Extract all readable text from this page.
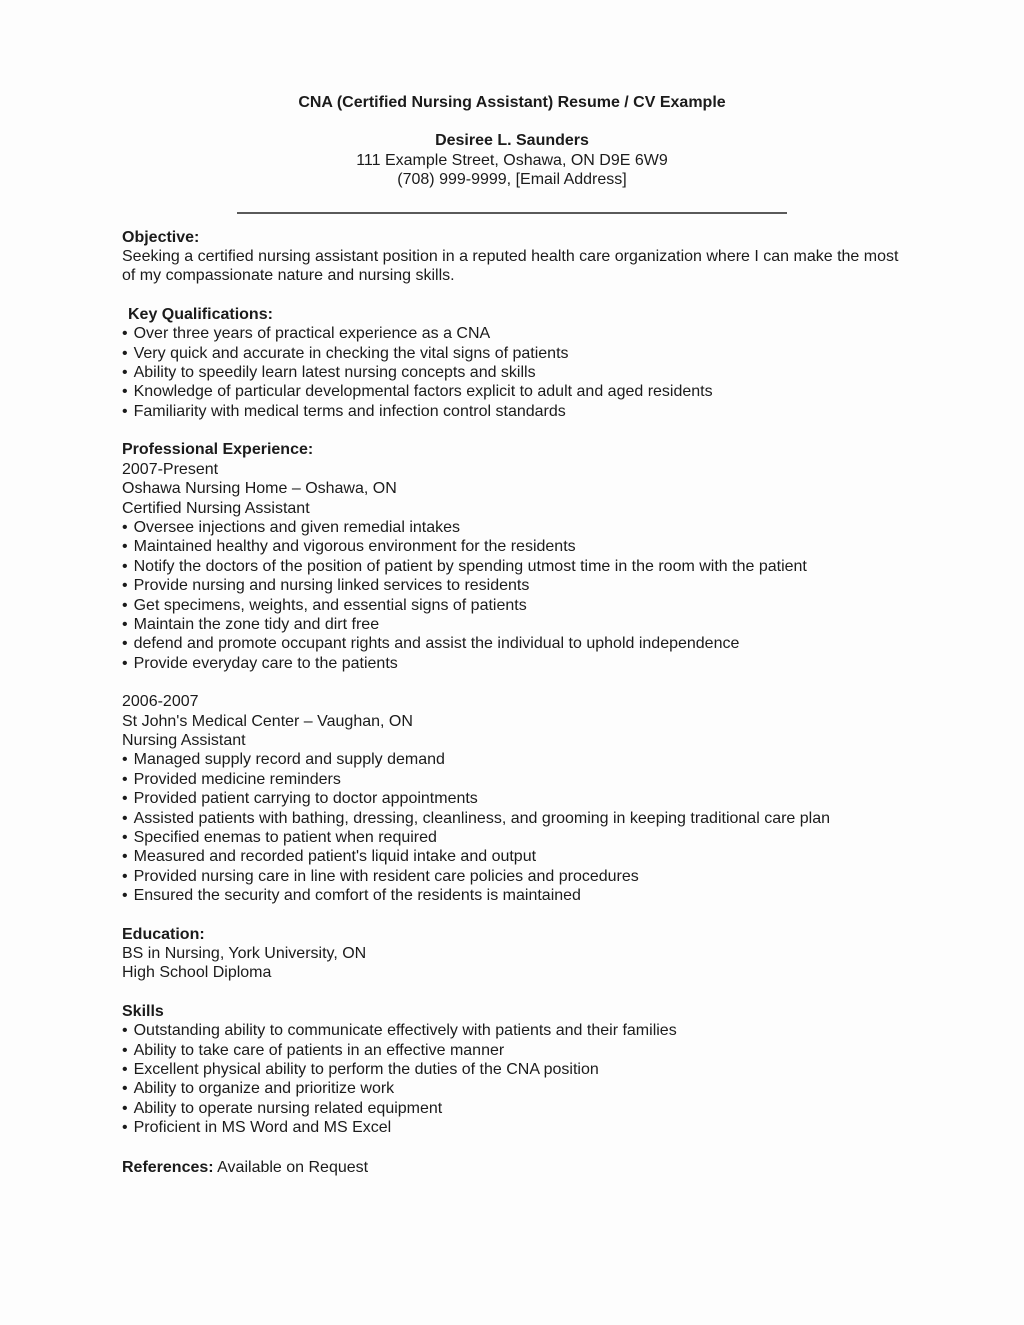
CNA (Certified Nursing Assistant) Resume / CV Example
Desiree L. Saunders
111 Example Street, Oshawa, ON D9E 6W9
(708) 999-9999, [Email Address]
Objective:

Seeking a certified nursing assistant position in a reputed health care organization where I can make the most of my compassionate nature and nursing skills.

Key Qualifications:
• Over three years of practical experience as a CNA
• Very quick and accurate in checking the vital signs of patients
• Ability to speedily learn latest nursing concepts and skills
• Knowledge of particular developmental factors explicit to adult and aged residents
• Familiarity with medical terms and infection control standards
Professional Experience:
2007-Present
Oshawa Nursing Home – Oshawa, ON
Certified Nursing Assistant
• Oversee injections and given remedial intakes
• Maintained healthy and vigorous environment for the residents
• Notify the doctors of the position of patient by spending utmost time in the room with the patient
• Provide nursing and nursing linked services to residents
• Get specimens, weights, and essential signs of patients
• Maintain the zone tidy and dirt free
• defend and promote occupant rights and assist the individual to uphold independence
• Provide everyday care to the patients
2006-2007
St John's Medical Center – Vaughan, ON
Nursing Assistant
• Managed supply record and supply demand
• Provided medicine reminders
• Provided patient carrying to doctor appointments
• Assisted patients with bathing, dressing, cleanliness, and grooming in keeping traditional care plan
• Specified enemas to patient when required
• Measured and recorded patient's liquid intake and output
• Provided nursing care in line with resident care policies and procedures
• Ensured the security and comfort of the residents is maintained
Education:
BS in Nursing, York University, ON
High School Diploma
Skills
• Outstanding ability to communicate effectively with patients and their families
• Ability to take care of patients in an effective manner
• Excellent physical ability to perform the duties of the CNA position
• Ability to organize and prioritize work
• Ability to operate nursing related equipment
• Proficient in MS Word and MS Excel

References: Available on Request
